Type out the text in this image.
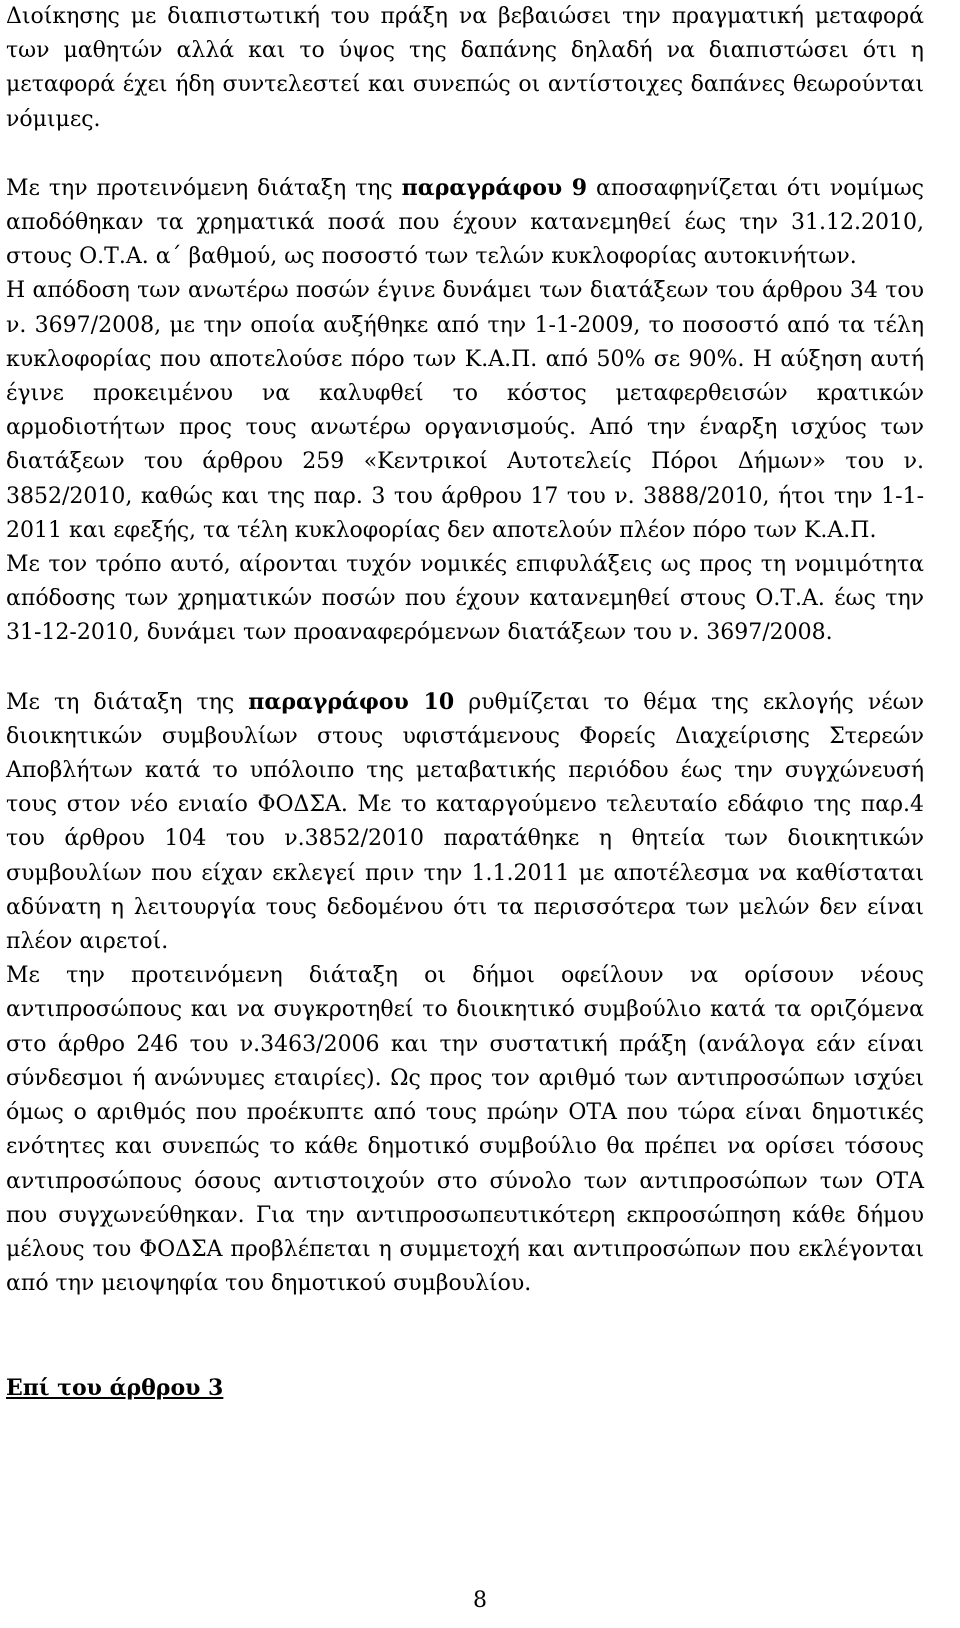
Διοίκησης με διαπιστωτική του πράξη να βεβαιώσει την πραγματική μεταφορά των μαθητών αλλά και το ύψος της δαπάνης δηλαδή να διαπιστώσει ότι η μεταφορά έχει ήδη συντελεστεί και συνεπώς οι αντίστοιχες δαπάνες θεωρούνται νόμιμες.

Με την προτεινόμενη διάταξη της παραγράφου 9 αποσαφηνίζεται ότι νομίμως αποδόθηκαν τα χρηματικά ποσά που έχουν κατανεμηθεί έως την 31.12.2010, στους Ο.Τ.Α. α΄ βαθμού, ως ποσοστό των τελών κυκλοφορίας αυτοκινήτων.

Η απόδοση των ανωτέρω ποσών έγινε δυνάμει των διατάξεων του άρθρου 34 του ν. 3697/2008, με την οποία αυξήθηκε από την 1-1-2009, το ποσοστό από τα τέλη κυκλοφορίας που αποτελούσε πόρο των Κ.Α.Π. από 50% σε 90%. Η αύξηση αυτή έγινε προκειμένου να καλυφθεί το κόστος μεταφερθεισών κρατικών αρμοδιοτήτων προς τους ανωτέρω οργανισμούς. Από την έναρξη ισχύος των διατάξεων του άρθρου 259 «Κεντρικοί Αυτοτελείς Πόροι Δήμων» του ν. 3852/2010, καθώς και της παρ. 3 του άρθρου 17 του ν. 3888/2010, ήτοι την 1-1-2011 και εφεξής, τα τέλη κυκλοφορίας δεν αποτελούν πλέον πόρο των Κ.Α.Π.

Με τον τρόπο αυτό, αίρονται τυχόν νομικές επιφυλάξεις ως προς τη νομιμότητα απόδοσης των χρηματικών ποσών που έχουν κατανεμηθεί στους Ο.Τ.Α. έως την 31-12-2010, δυνάμει των προαναφερόμενων διατάξεων του ν. 3697/2008.

Με τη διάταξη της παραγράφου 10 ρυθμίζεται το θέμα της εκλογής νέων διοικητικών συμβουλίων στους υφιστάμενους Φορείς Διαχείρισης Στερεών Αποβλήτων κατά το υπόλοιπο της μεταβατικής περιόδου έως την συγχώνευσή τους στον νέο ενιαίο ΦΟΔΣΑ. Με το καταργούμενο τελευταίο εδάφιο της παρ.4 του άρθρου 104 του ν.3852/2010 παρατάθηκε η θητεία των διοικητικών συμβουλίων που είχαν εκλεγεί πριν την 1.1.2011 με αποτέλεσμα να καθίσταται αδύνατη η λειτουργία τους δεδομένου ότι τα περισσότερα των μελών δεν είναι πλέον αιρετοί.

Με την προτεινόμενη διάταξη οι δήμοι οφείλουν να ορίσουν νέους αντιπροσώπους και να συγκροτηθεί το διοικητικό συμβούλιο κατά τα οριζόμενα στο άρθρο 246 του ν.3463/2006 και την συστατική πράξη (ανάλογα εάν είναι σύνδεσμοι ή ανώνυμες εταιρίες). Ως προς τον αριθμό των αντιπροσώπων ισχύει όμως ο αριθμός που προέκυπτε από τους πρώην ΟΤΑ που τώρα είναι δημοτικές ενότητες και συνεπώς το κάθε δημοτικό συμβούλιο θα πρέπει να ορίσει τόσους αντιπροσώπους όσους αντιστοιχούν στο σύνολο των αντιπροσώπων των ΟΤΑ που συγχωνεύθηκαν. Για την αντιπροσωπευτικότερη εκπροσώπηση κάθε δήμου μέλους του ΦΟΔΣΑ προβλέπεται η συμμετοχή και αντιπροσώπων που εκλέγονται από την μειοψηφία του δημοτικού συμβουλίου.

Επί του άρθρου 3

8
